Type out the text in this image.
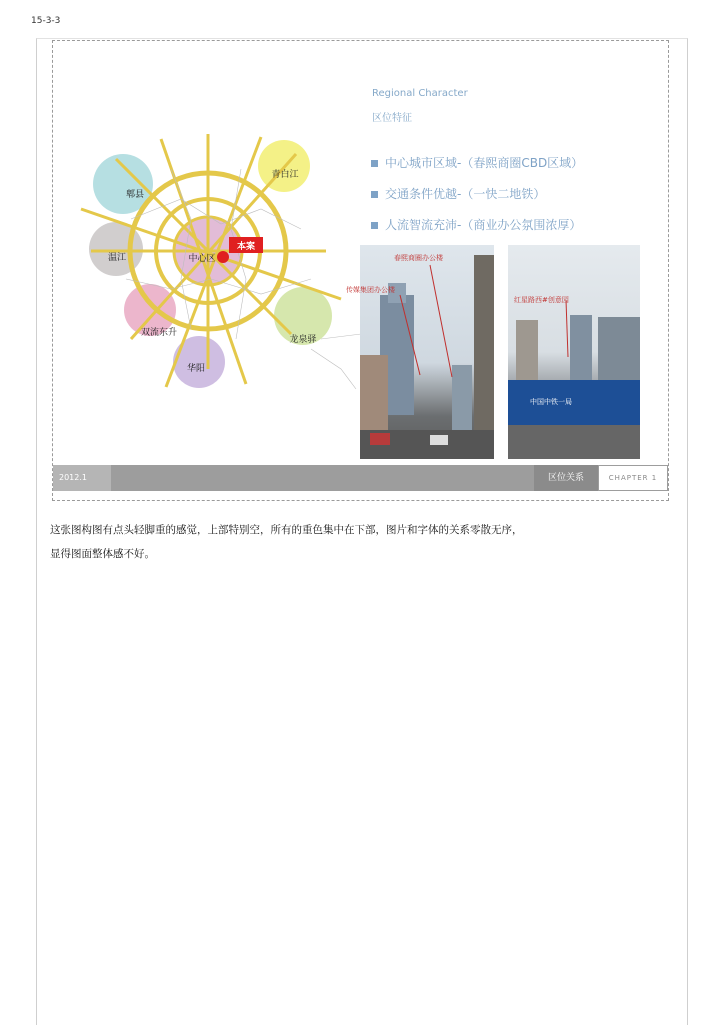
15-3-3
Regional Character
区位特征
中心城市区域-（春熙商圈CBD区域）
交通条件优越-（一快二地铁）
人流智流充沛-（商业办公氛围浓厚）
本案
中心区
郫县
温江
双流东升
华阳
龙泉驿
青白江
春熙商圈办公楼
传媒集团办公楼
红星路西#创意园
中国中铁一局
2012.1	区位关系	CHAPTER 1
这张图构图有点头轻脚重的感觉，上部特别空，所有的重色集中在下部，图片和字体的关系零散无序，
显得图面整体感不好。
